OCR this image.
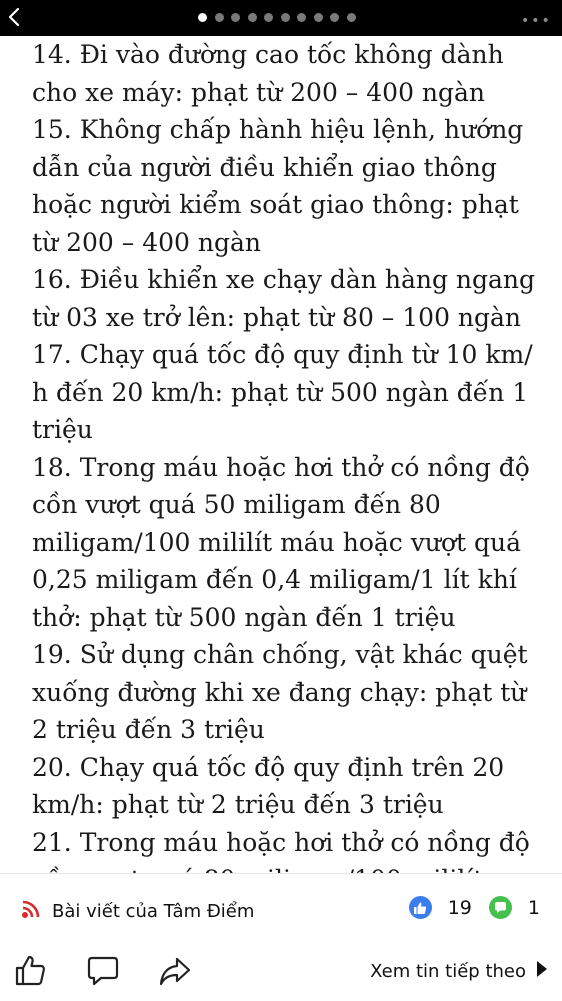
•••

14. Đi vào đường cao tốc không dành

cho xe máy: phạt từ 200 – 400 ngàn

15. Không chấp hành hiệu lệnh, hướng

dẫn của người điều khiển giao thông

hoặc người kiểm soát giao thông: phạt

từ 200 – 400 ngàn

16. Điều khiển xe chạy dàn hàng ngang

từ 03 xe trở lên: phạt từ 80 – 100 ngàn

17. Chạy quá tốc độ quy định từ 10 km/

h đến 20 km/h: phạt từ 500 ngàn đến 1

triệu

18. Trong máu hoặc hơi thở có nồng độ

cồn vượt quá 50 miligam đến 80

miligam/100 mililít máu hoặc vượt quá

0,25 miligam đến 0,4 miligam/1 lít khí

thở: phạt từ 500 ngàn đến 1 triệu

19. Sử dụng chân chống, vật khác quệt

xuống đường khi xe đang chạy: phạt từ

2 triệu đến 3 triệu

20. Chạy quá tốc độ quy định trên 20

km/h: phạt từ 2 triệu đến 3 triệu

21. Trong máu hoặc hơi thở có nồng độ

Bài viết của Tâm Điểm	19	1
Xem tin tiếp theo
